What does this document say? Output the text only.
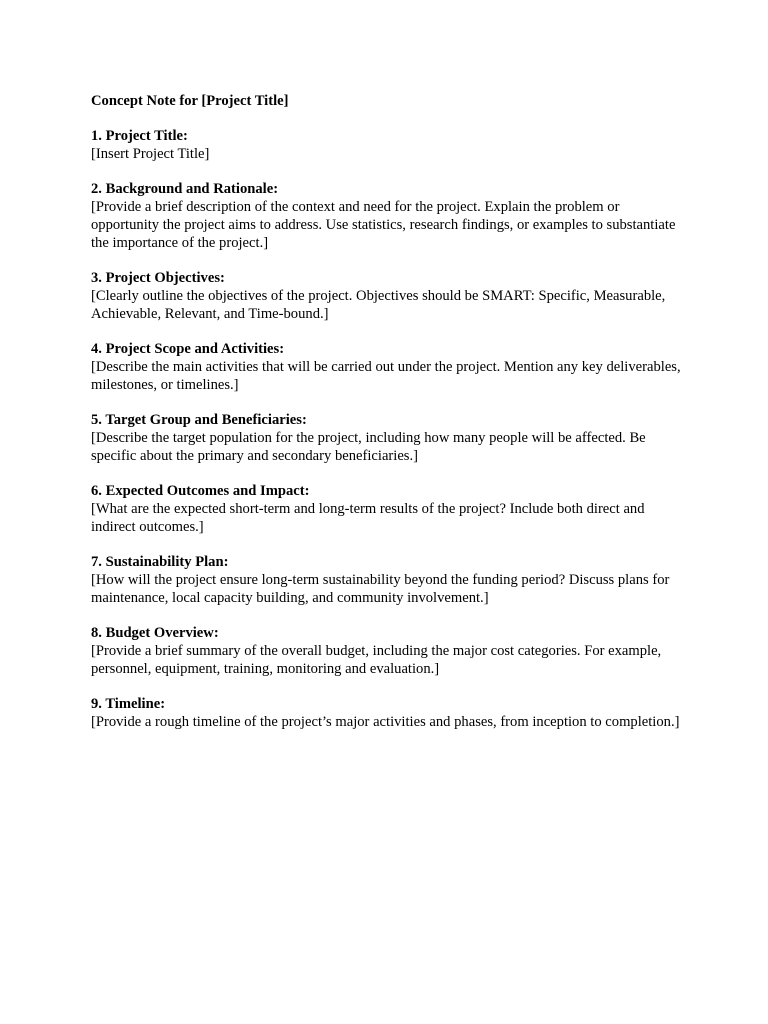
Concept Note for [Project Title]
1. Project Title:
[Insert Project Title]
2. Background and Rationale:
[Provide a brief description of the context and need for the project. Explain the problem or opportunity the project aims to address. Use statistics, research findings, or examples to substantiate the importance of the project.]
3. Project Objectives:
[Clearly outline the objectives of the project. Objectives should be SMART: Specific, Measurable, Achievable, Relevant, and Time-bound.]
4. Project Scope and Activities:
[Describe the main activities that will be carried out under the project. Mention any key deliverables, milestones, or timelines.]
5. Target Group and Beneficiaries:
[Describe the target population for the project, including how many people will be affected. Be specific about the primary and secondary beneficiaries.]
6. Expected Outcomes and Impact:
[What are the expected short-term and long-term results of the project? Include both direct and indirect outcomes.]
7. Sustainability Plan:
[How will the project ensure long-term sustainability beyond the funding period? Discuss plans for maintenance, local capacity building, and community involvement.]
8. Budget Overview:
[Provide a brief summary of the overall budget, including the major cost categories. For example, personnel, equipment, training, monitoring and evaluation.]
9. Timeline:
[Provide a rough timeline of the project’s major activities and phases, from inception to completion.]
